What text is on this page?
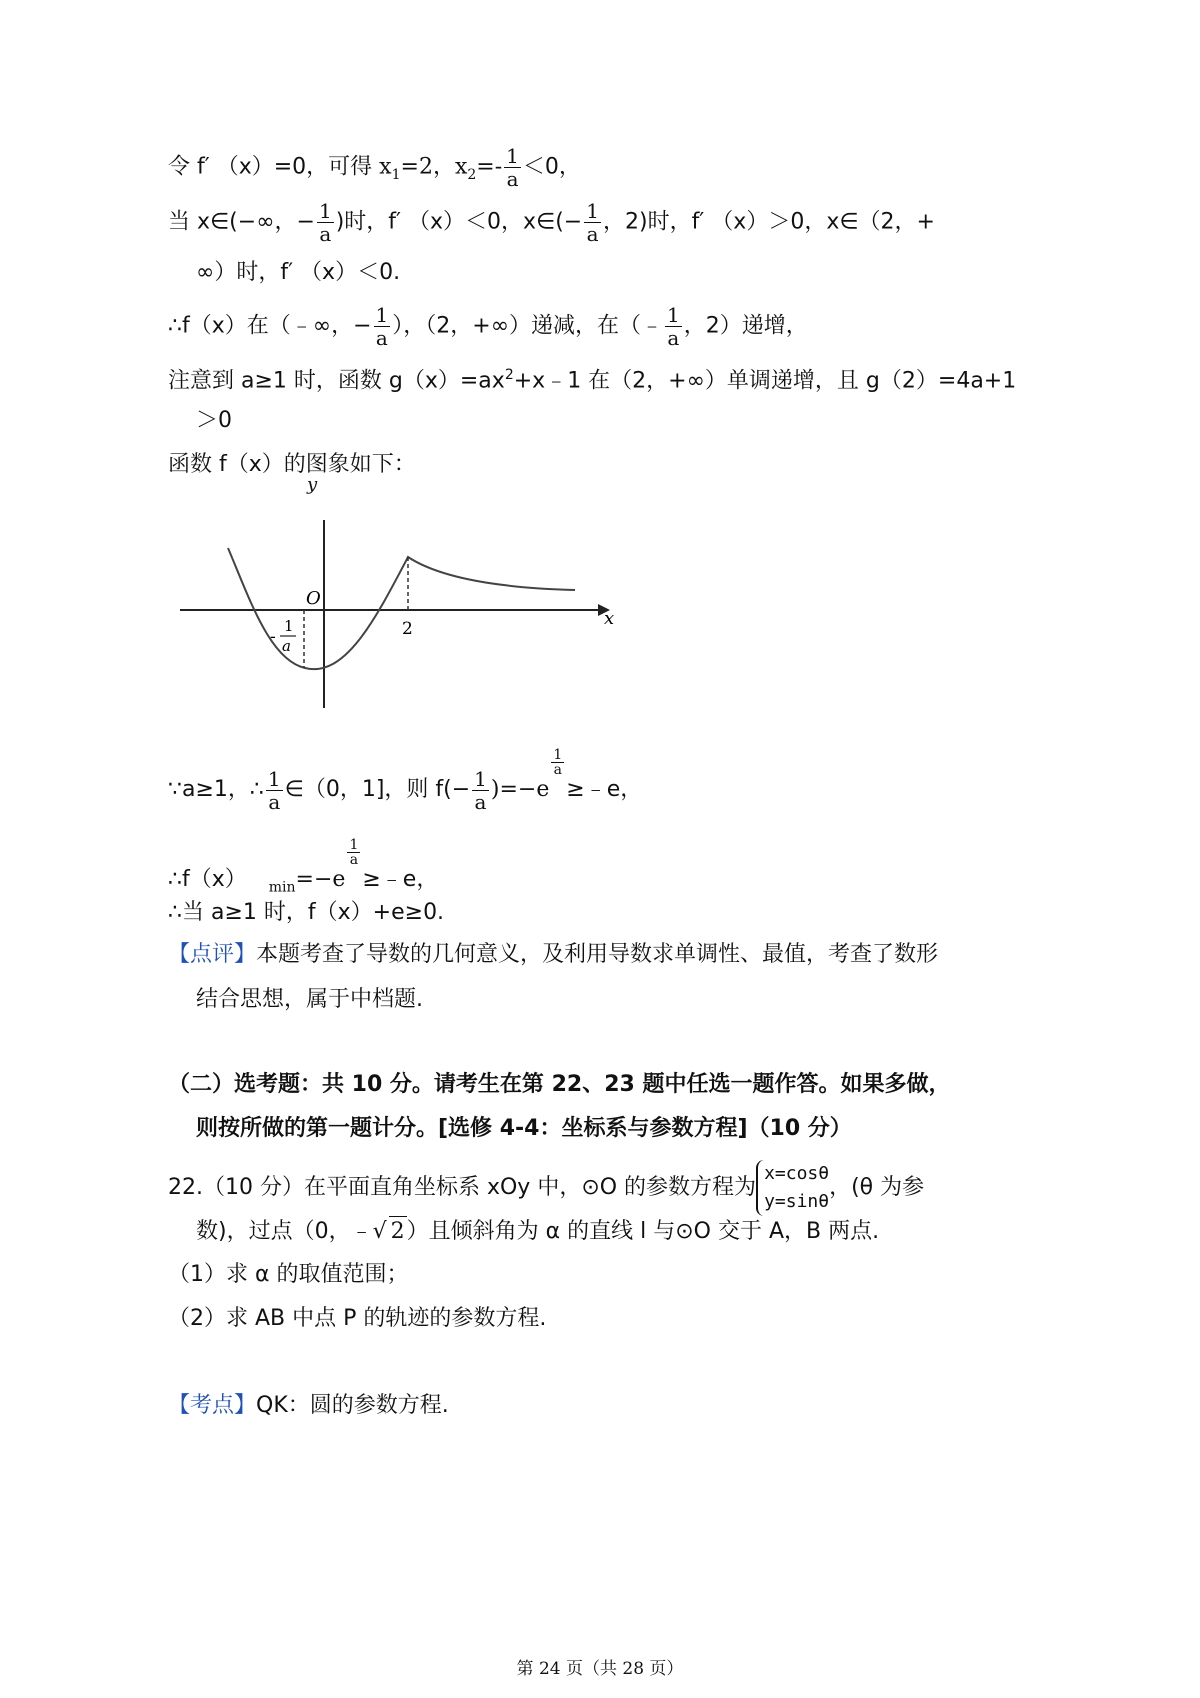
令 f′ （x）=0，可得 $x_1=2$，$x_2=- \frac{1}{a} <0$，
当 x∈(−∞，− $\frac{1}{a}$ )时，f′ （x）＜0，x∈(− $\frac{1}{a}$ ，2)时，f′ （x）＞0，x∈（2，+
∞）时，f′ （x）＜0.
∴f（x）在（﹣∞，− $\frac{1}{a}$ ），（2，+∞）递减，在（﹣ $\frac{1}{a}$ ，2）递增，
注意到 a≥1 时，函数 $g(x)=ax^2+x﹣1$ 在（2，+∞）单调递增，且 g（2）=4a+1
＞0
函数 f（x）的图象如下：
O
x
2
-
1
a
y
∵a≥1，∴ $\frac{1}{a}$ ∈（0，1]，则 $f(- \frac{1}{a} )=-e$
$\frac{1}{a}$
≥﹣e，
∴f（x） $_{min}$=−e
$\frac{1}{a}$
≥﹣e，
∴当 a≥1 时，f（x）+e≥0.
【点评】本题考查了导数的几何意义，及利用导数求单调性、最值，考查了数形
结合思想，属于中档题.
（二）选考题：共 10 分。请考生在第 22、23 题中任选一题作答。如果多做，
则按所做的第一题计分。[选修 4-4：坐标系与参数方程]（10 分）
22.（10 分）在平面直角坐标系 xOy 中，⊙O 的参数方程为
x=cosθ
y=sinθ
，(θ 为参
数)，过点（0，﹣√ 2）且倾斜角为 α 的直线 l 与⊙O 交于 A，B 两点.
（1）求 α 的取值范围；
（2）求 AB 中点 P 的轨迹的参数方程.
【考点】QK：圆的参数方程.
第 24 页（共 28 页）
